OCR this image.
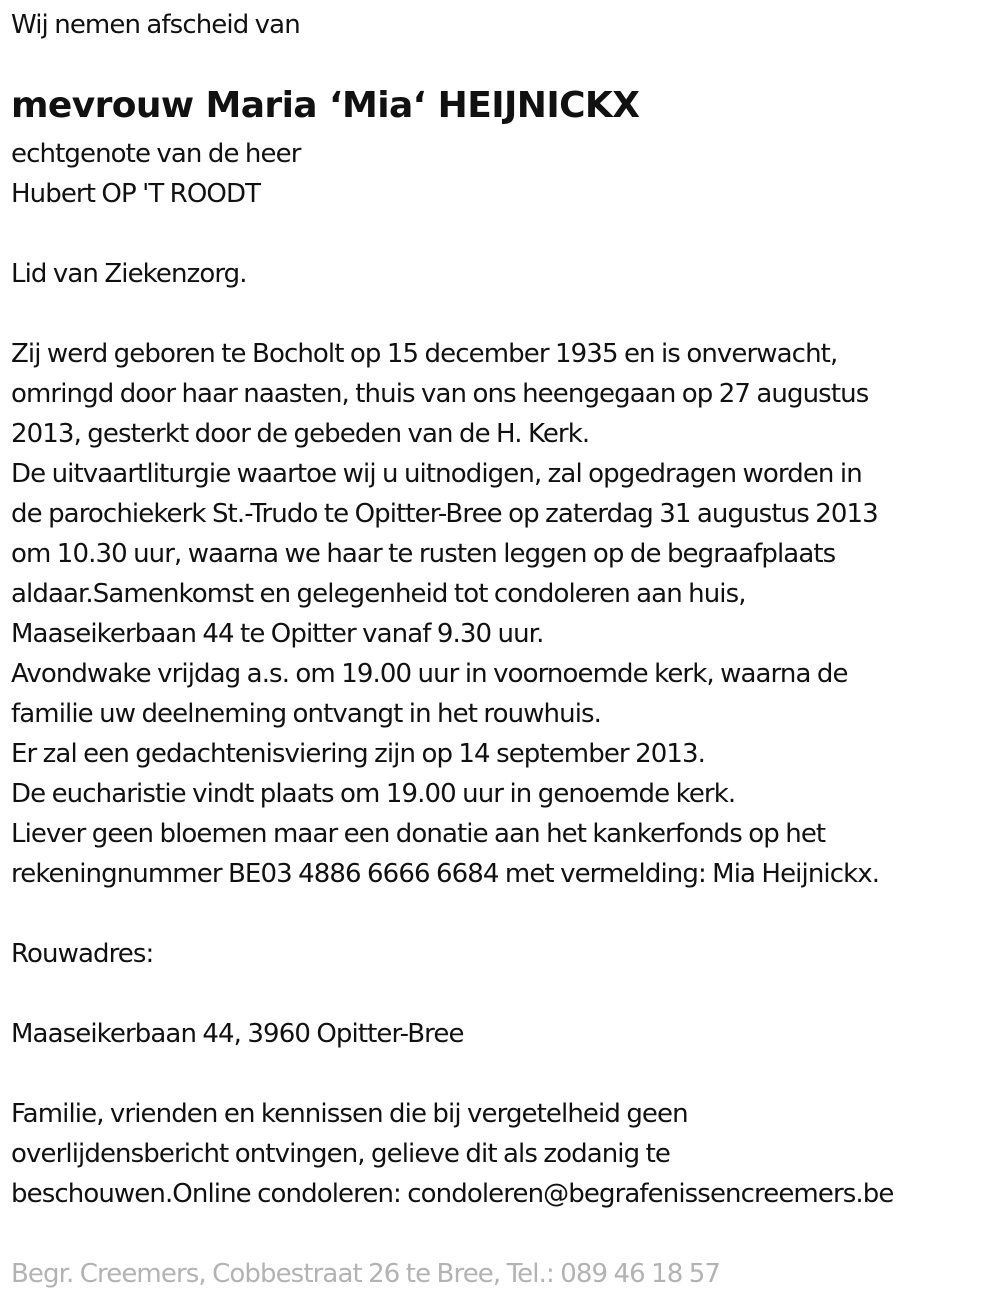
Wij nemen afscheid van
mevrouw Maria ‘Mia‘ HEIJNICKX
echtgenote van de heer
Hubert OP 'T ROODT
Lid van Ziekenzorg.
Zij werd geboren te Bocholt op 15 december 1935 en is onverwacht,
omringd door haar naasten, thuis van ons heengegaan op 27 augustus
2013, gesterkt door de gebeden van de H. Kerk.
De uitvaartliturgie waartoe wij u uitnodigen, zal opgedragen worden in
de parochiekerk St.-Trudo te Opitter-Bree op zaterdag 31 augustus 2013
om 10.30 uur, waarna we haar te rusten leggen op de begraafplaats
aldaar.Samenkomst en gelegenheid tot condoleren aan huis,
Maaseikerbaan 44 te Opitter vanaf 9.30 uur.
Avondwake vrijdag a.s. om 19.00 uur in voornoemde kerk, waarna de
familie uw deelneming ontvangt in het rouwhuis.
Er zal een gedachtenisviering zijn op 14 september 2013.
De eucharistie vindt plaats om 19.00 uur in genoemde kerk.
Liever geen bloemen maar een donatie aan het kankerfonds op het
rekeningnummer BE03 4886 6666 6684 met vermelding: Mia Heijnickx.
Rouwadres:
Maaseikerbaan 44, 3960 Opitter-Bree
Familie, vrienden en kennissen die bij vergetelheid geen
overlijdensbericht ontvingen, gelieve dit als zodanig te
beschouwen.Online condoleren: condoleren@begrafenissencreemers.be
Begr. Creemers, Cobbestraat 26 te Bree, Tel.: 089 46 18 57
